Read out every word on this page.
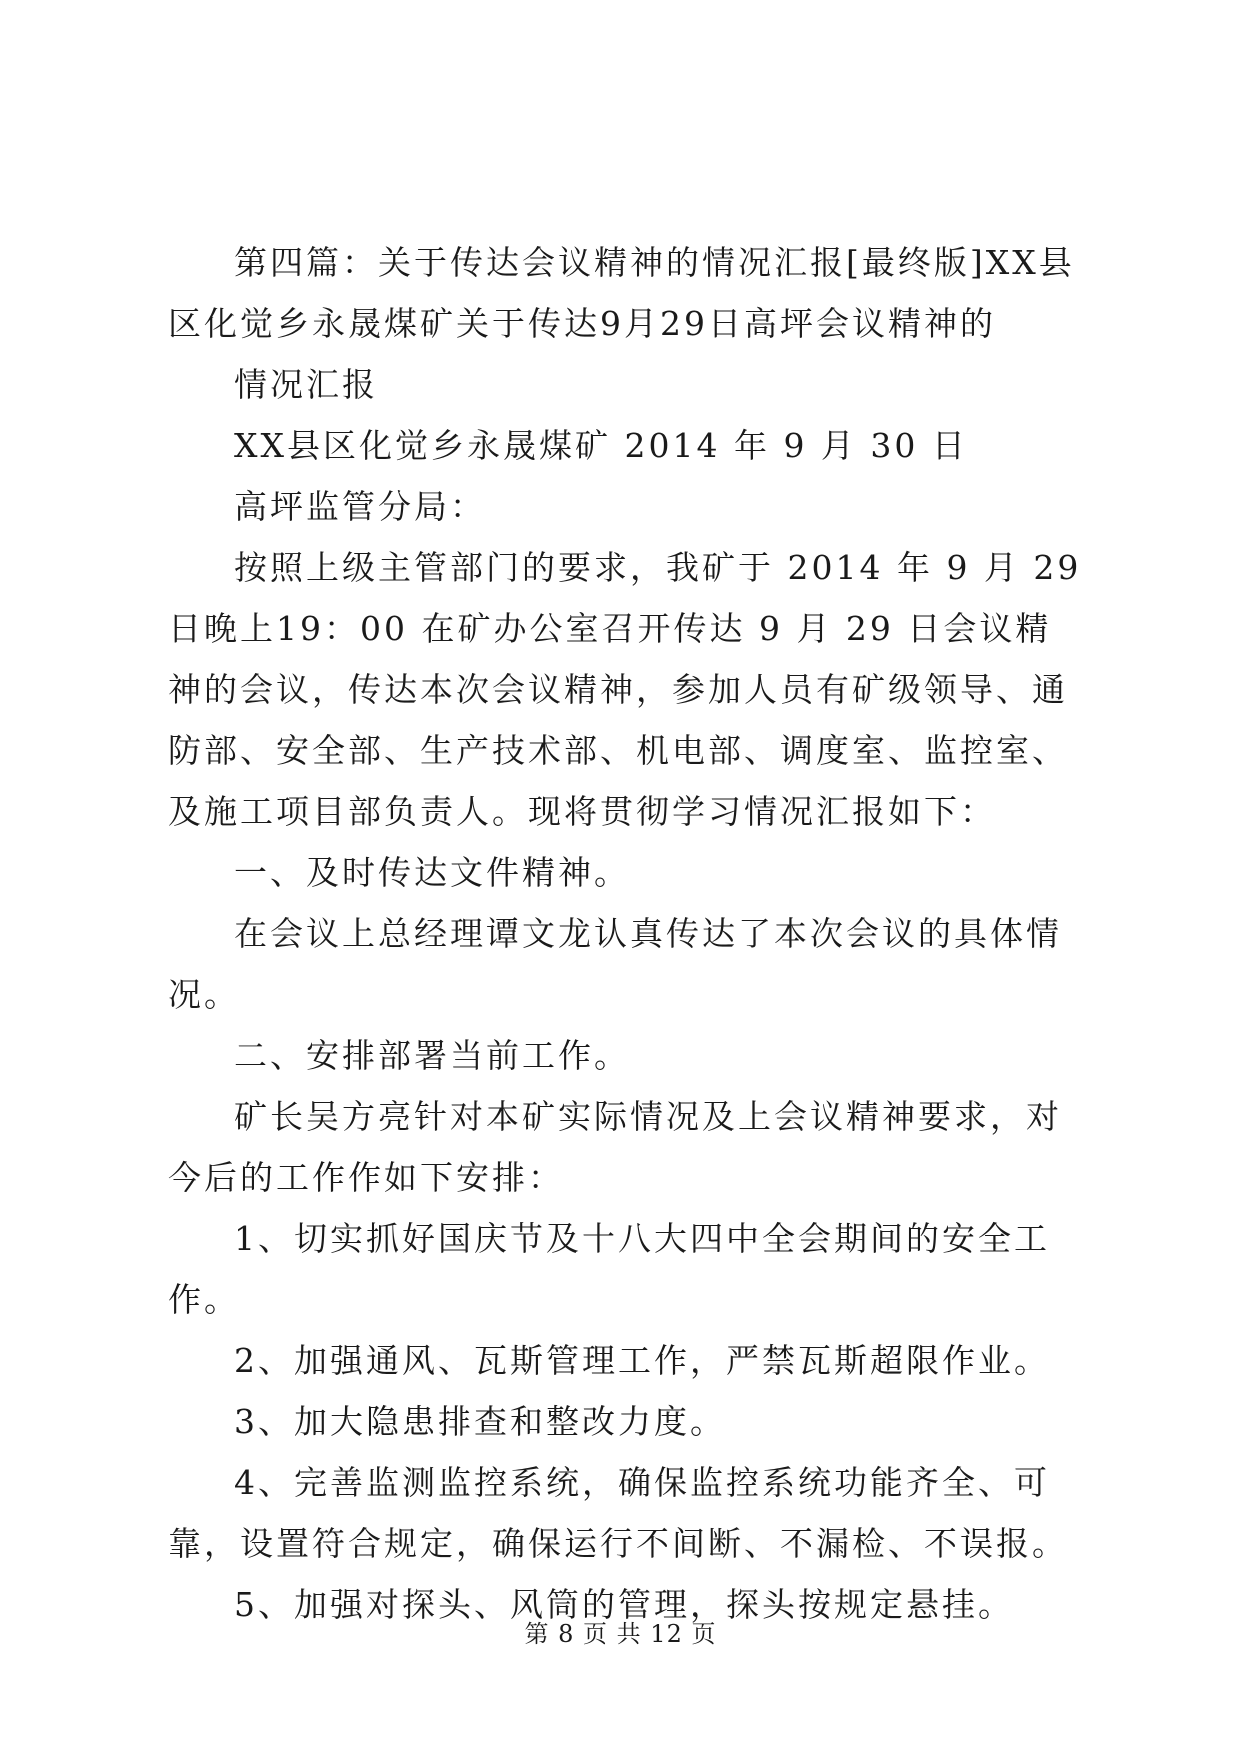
第四篇：关于传达会议精神的情况汇报[最终版]XX县区化觉乡永晟煤矿关于传达9月29日高坪会议精神的

情况汇报

XX县区化觉乡永晟煤矿 2014 年 9 月 30 日

高坪监管分局：

按照上级主管部门的要求，我矿于 2014 年 9 月 29 日晚上19：00 在矿办公室召开传达 9 月 29 日会议精神的会议，传达本次会议精神，参加人员有矿级领导、通防部、安全部、生产技术部、机电部、调度室、监控室、及施工项目部负责人。现将贯彻学习情况汇报如下：

一、及时传达文件精神。

在会议上总经理谭文龙认真传达了本次会议的具体情况。

二、安排部署当前工作。

矿长吴方亮针对本矿实际情况及上会议精神要求，对今后的工作作如下安排：

1、切实抓好国庆节及十八大四中全会期间的安全工作。

2、加强通风、瓦斯管理工作，严禁瓦斯超限作业。

3、加大隐患排查和整改力度。

4、完善监测监控系统，确保监控系统功能齐全、可靠，设置符合规定，确保运行不间断、不漏检、不误报。

5、加强对探头、风筒的管理，探头按规定悬挂。

第 8 页 共 12 页
